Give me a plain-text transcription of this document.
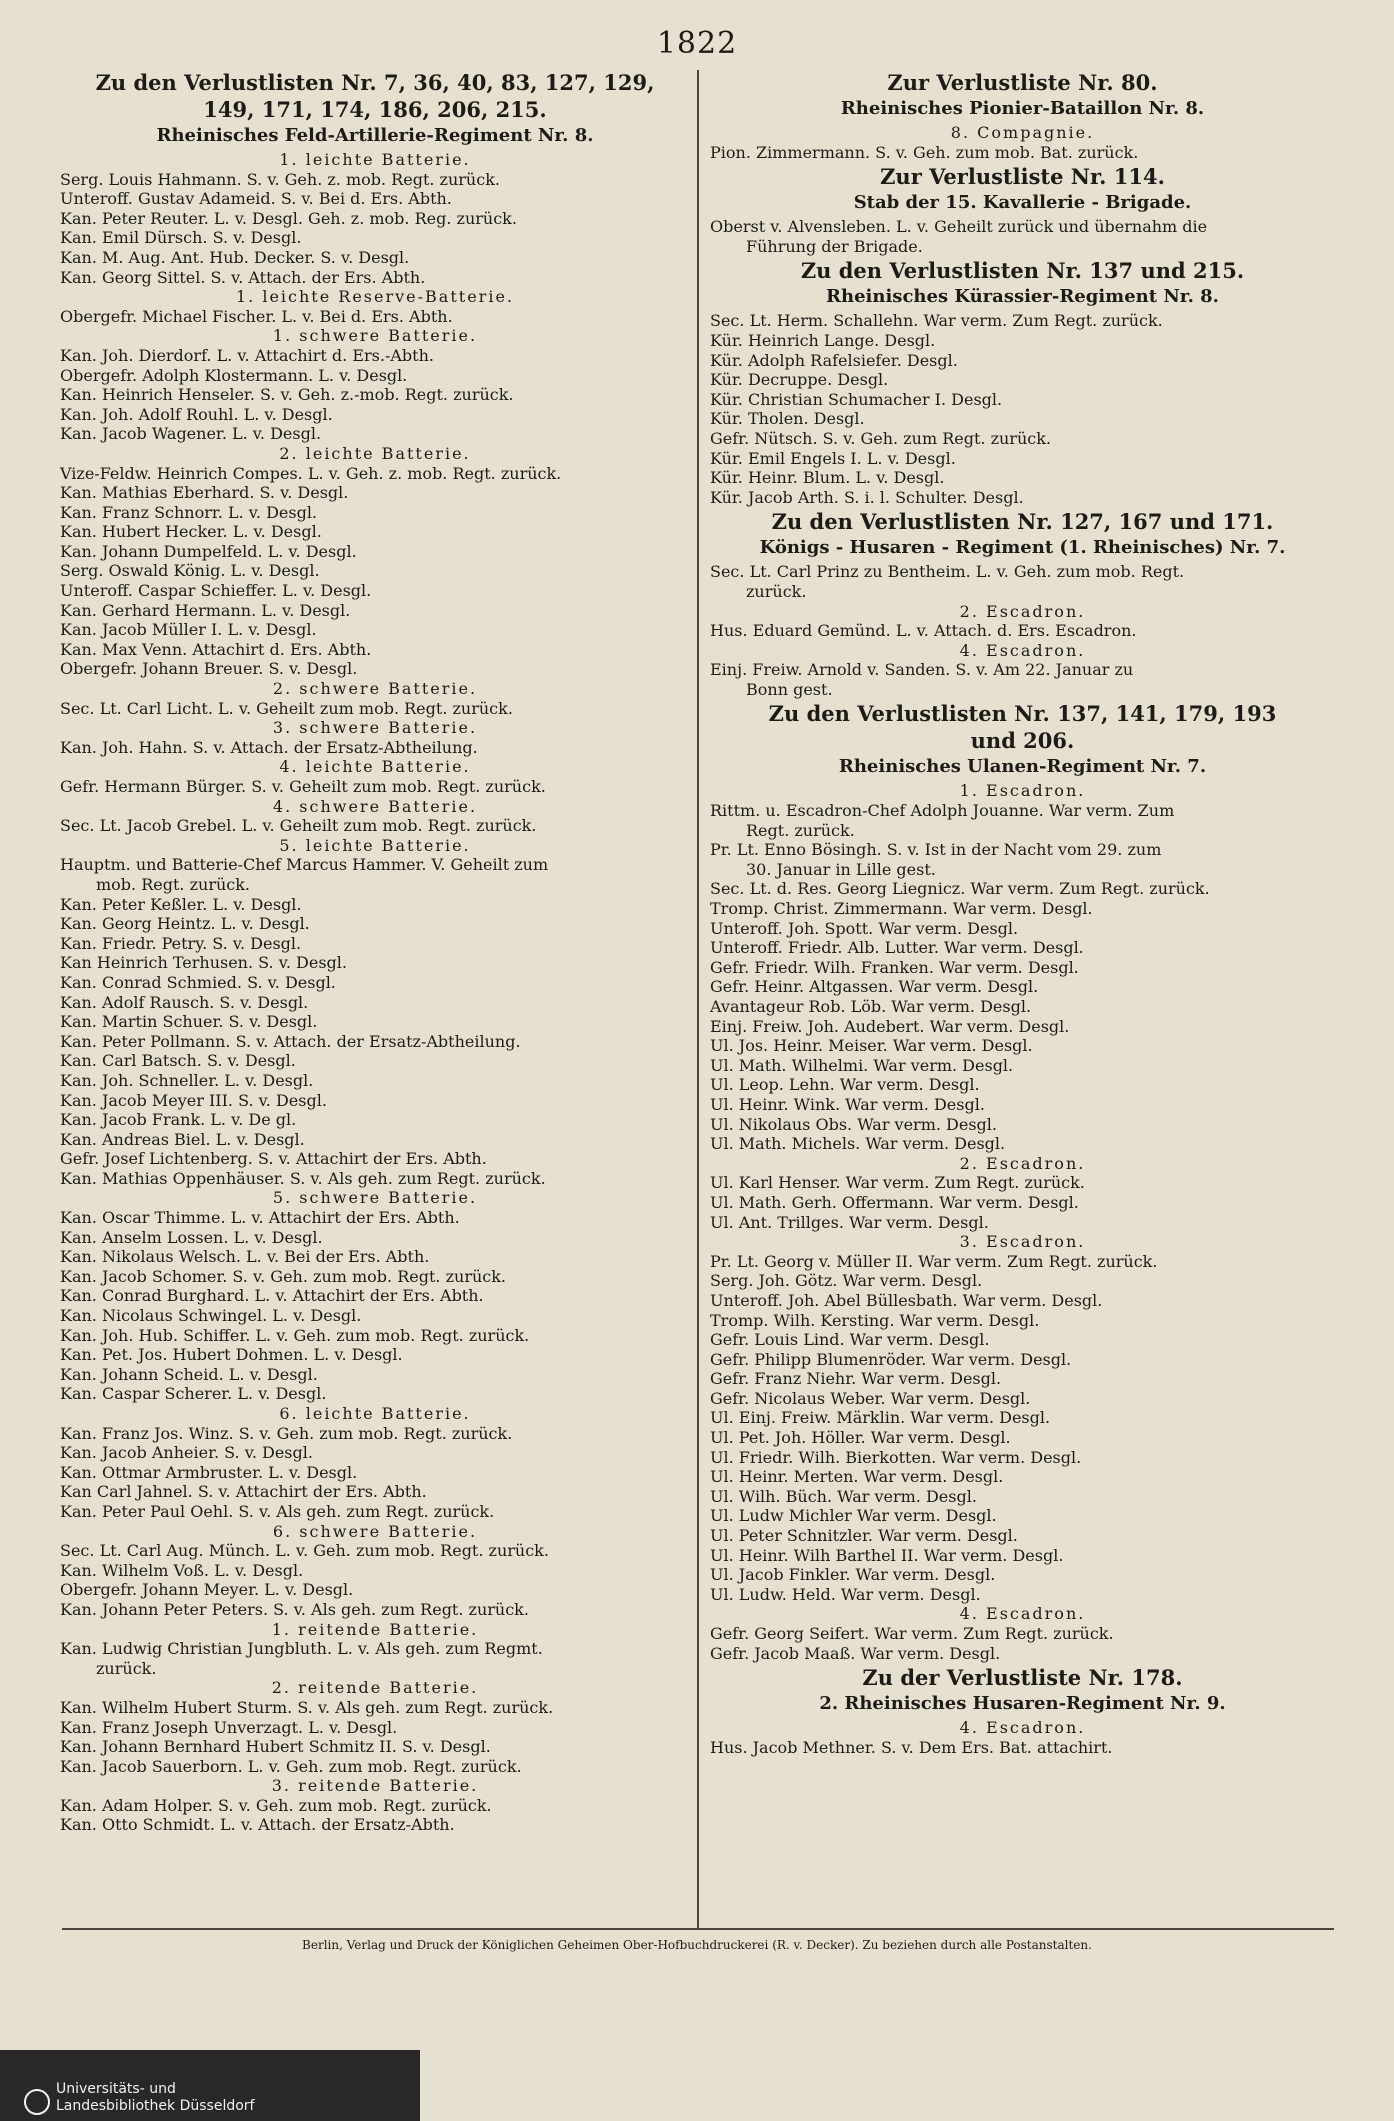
1822
Zu den Verlustlisten Nr. 7, 36, 40, 83, 127, 129,
149, 171, 174, 186, 206, 215.
Rheinisches Feld-Artillerie-Regiment Nr. 8.
1. leichte Batterie.
Serg. Louis Hahmann. S. v. Geh. z. mob. Regt. zurück.
Unteroff. Gustav Adameid. S. v. Bei d. Ers. Abth.
Kan. Peter Reuter. L. v. Desgl. Geh. z. mob. Reg. zurück.
Kan. Emil Dürsch. S. v. Desgl.
Kan. M. Aug. Ant. Hub. Decker. S. v. Desgl.
Kan. Georg Sittel. S. v. Attach. der Ers. Abth.
1. leichte Reserve-Batterie.
Obergefr. Michael Fischer. L. v. Bei d. Ers. Abth.
1. schwere Batterie.
Kan. Joh. Dierdorf. L. v. Attachirt d. Ers.-Abth.
Obergefr. Adolph Klostermann. L. v. Desgl.
Kan. Heinrich Henseler. S. v. Geh. z.-mob. Regt. zurück.
Kan. Joh. Adolf Rouhl. L. v. Desgl.
Kan. Jacob Wagener. L. v. Desgl.
2. leichte Batterie.
Vize-Feldw. Heinrich Compes. L. v. Geh. z. mob. Regt. zurück.
Kan. Mathias Eberhard. S. v. Desgl.
Kan. Franz Schnorr. L. v. Desgl.
Kan. Hubert Hecker. L. v. Desgl.
Kan. Johann Dumpelfeld. L. v. Desgl.
Serg. Oswald König. L. v. Desgl.
Unteroff. Caspar Schieffer. L. v. Desgl.
Kan. Gerhard Hermann. L. v. Desgl.
Kan. Jacob Müller I. L. v. Desgl.
Kan. Max Venn. Attachirt d. Ers. Abth.
Obergefr. Johann Breuer. S. v. Desgl.
2. schwere Batterie.
Sec. Lt. Carl Licht. L. v. Geheilt zum mob. Regt. zurück.
3. schwere Batterie.
Kan. Joh. Hahn. S. v. Attach. der Ersatz-Abtheilung.
4. leichte Batterie.
Gefr. Hermann Bürger. S. v. Geheilt zum mob. Regt. zurück.
4. schwere Batterie.
Sec. Lt. Jacob Grebel. L. v. Geheilt zum mob. Regt. zurück.
5. leichte Batterie.
Hauptm. und Batterie-Chef Marcus Hammer. V. Geheilt zum
mob. Regt. zurück.
Kan. Peter Keßler. L. v. Desgl.
Kan. Georg Heintz. L. v. Desgl.
Kan. Friedr. Petry. S. v. Desgl.
Kan Heinrich Terhusen. S. v. Desgl.
Kan. Conrad Schmied. S. v. Desgl.
Kan. Adolf Rausch. S. v. Desgl.
Kan. Martin Schuer. S. v. Desgl.
Kan. Peter Pollmann. S. v. Attach. der Ersatz-Abtheilung.
Kan. Carl Batsch. S. v. Desgl.
Kan. Joh. Schneller. L. v. Desgl.
Kan. Jacob Meyer III. S. v. Desgl.
Kan. Jacob Frank. L. v. De gl.
Kan. Andreas Biel. L. v. Desgl.
Gefr. Josef Lichtenberg. S. v. Attachirt der Ers. Abth.
Kan. Mathias Oppenhäuser. S. v. Als geh. zum Regt. zurück.
5. schwere Batterie.
Kan. Oscar Thimme. L. v. Attachirt der Ers. Abth.
Kan. Anselm Lossen. L. v. Desgl.
Kan. Nikolaus Welsch. L. v. Bei der Ers. Abth.
Kan. Jacob Schomer. S. v. Geh. zum mob. Regt. zurück.
Kan. Conrad Burghard. L. v. Attachirt der Ers. Abth.
Kan. Nicolaus Schwingel. L. v. Desgl.
Kan. Joh. Hub. Schiffer. L. v. Geh. zum mob. Regt. zurück.
Kan. Pet. Jos. Hubert Dohmen. L. v. Desgl.
Kan. Johann Scheid. L. v. Desgl.
Kan. Caspar Scherer. L. v. Desgl.
6. leichte Batterie.
Kan. Franz Jos. Winz. S. v. Geh. zum mob. Regt. zurück.
Kan. Jacob Anheier. S. v. Desgl.
Kan. Ottmar Armbruster. L. v. Desgl.
Kan Carl Jahnel. S. v. Attachirt der Ers. Abth.
Kan. Peter Paul Oehl. S. v. Als geh. zum Regt. zurück.
6. schwere Batterie.
Sec. Lt. Carl Aug. Münch. L. v. Geh. zum mob. Regt. zurück.
Kan. Wilhelm Voß. L. v. Desgl.
Obergefr. Johann Meyer. L. v. Desgl.
Kan. Johann Peter Peters. S. v. Als geh. zum Regt. zurück.
1. reitende Batterie.
Kan. Ludwig Christian Jungbluth. L. v. Als geh. zum Regmt.
zurück.
2. reitende Batterie.
Kan. Wilhelm Hubert Sturm. S. v. Als geh. zum Regt. zurück.
Kan. Franz Joseph Unverzagt. L. v. Desgl.
Kan. Johann Bernhard Hubert Schmitz II. S. v. Desgl.
Kan. Jacob Sauerborn. L. v. Geh. zum mob. Regt. zurück.
3. reitende Batterie.
Kan. Adam Holper. S. v. Geh. zum mob. Regt. zurück.
Kan. Otto Schmidt. L. v. Attach. der Ersatz-Abth.
Zur Verlustliste Nr. 80.
Rheinisches Pionier-Bataillon Nr. 8.
8. Compagnie.
Pion. Zimmermann. S. v. Geh. zum mob. Bat. zurück.
Zur Verlustliste Nr. 114.
Stab der 15. Kavallerie - Brigade.
Oberst v. Alvensleben. L. v. Geheilt zurück und übernahm die
Führung der Brigade.
Zu den Verlustlisten Nr. 137 und 215.
Rheinisches Kürassier-Regiment Nr. 8.
Sec. Lt. Herm. Schallehn. War verm. Zum Regt. zurück.
Kür. Heinrich Lange. Desgl.
Kür. Adolph Rafelsiefer. Desgl.
Kür. Decruppe. Desgl.
Kür. Christian Schumacher I. Desgl.
Kür. Tholen. Desgl.
Gefr. Nütsch. S. v. Geh. zum Regt. zurück.
Kür. Emil Engels I. L. v. Desgl.
Kür. Heinr. Blum. L. v. Desgl.
Kür. Jacob Arth. S. i. l. Schulter. Desgl.
Zu den Verlustlisten Nr. 127, 167 und 171.
Königs - Husaren - Regiment (1. Rheinisches) Nr. 7.
Sec. Lt. Carl Prinz zu Bentheim. L. v. Geh. zum mob. Regt.
zurück.
2. Escadron.
Hus. Eduard Gemünd. L. v. Attach. d. Ers. Escadron.
4. Escadron.
Einj. Freiw. Arnold v. Sanden. S. v. Am 22. Januar zu
Bonn gest.
Zu den Verlustlisten Nr. 137, 141, 179, 193
und 206.
Rheinisches Ulanen-Regiment Nr. 7.
1. Escadron.
Rittm. u. Escadron-Chef Adolph Jouanne. War verm. Zum
Regt. zurück.
Pr. Lt. Enno Bösingh. S. v. Ist in der Nacht vom 29. zum
30. Januar in Lille gest.
Sec. Lt. d. Res. Georg Liegnicz. War verm. Zum Regt. zurück.
Tromp. Christ. Zimmermann. War verm. Desgl.
Unteroff. Joh. Spott. War verm. Desgl.
Unteroff. Friedr. Alb. Lutter. War verm. Desgl.
Gefr. Friedr. Wilh. Franken. War verm. Desgl.
Gefr. Heinr. Altgassen. War verm. Desgl.
Avantageur Rob. Löb. War verm. Desgl.
Einj. Freiw. Joh. Audebert. War verm. Desgl.
Ul. Jos. Heinr. Meiser. War verm. Desgl.
Ul. Math. Wilhelmi. War verm. Desgl.
Ul. Leop. Lehn. War verm. Desgl.
Ul. Heinr. Wink. War verm. Desgl.
Ul. Nikolaus Obs. War verm. Desgl.
Ul. Math. Michels. War verm. Desgl.
2. Escadron.
Ul. Karl Henser. War verm. Zum Regt. zurück.
Ul. Math. Gerh. Offermann. War verm. Desgl.
Ul. Ant. Trillges. War verm. Desgl.
3. Escadron.
Pr. Lt. Georg v. Müller II. War verm. Zum Regt. zurück.
Serg. Joh. Götz. War verm. Desgl.
Unteroff. Joh. Abel Büllesbath. War verm. Desgl.
Tromp. Wilh. Kersting. War verm. Desgl.
Gefr. Louis Lind. War verm. Desgl.
Gefr. Philipp Blumenröder. War verm. Desgl.
Gefr. Franz Niehr. War verm. Desgl.
Gefr. Nicolaus Weber. War verm. Desgl.
Ul. Einj. Freiw. Märklin. War verm. Desgl.
Ul. Pet. Joh. Höller. War verm. Desgl.
Ul. Friedr. Wilh. Bierkotten. War verm. Desgl.
Ul. Heinr. Merten. War verm. Desgl.
Ul. Wilh. Büch. War verm. Desgl.
Ul. Ludw Michler War verm. Desgl.
Ul. Peter Schnitzler. War verm. Desgl.
Ul. Heinr. Wilh Barthel II. War verm. Desgl.
Ul. Jacob Finkler. War verm. Desgl.
Ul. Ludw. Held. War verm. Desgl.
4. Escadron.
Gefr. Georg Seifert. War verm. Zum Regt. zurück.
Gefr. Jacob Maaß. War verm. Desgl.
Zu der Verlustliste Nr. 178.
2. Rheinisches Husaren-Regiment Nr. 9.
4. Escadron.
Hus. Jacob Methner. S. v. Dem Ers. Bat. attachirt.
Berlin, Verlag und Druck der Königlichen Geheimen Ober-Hofbuchdruckerei (R. v. Decker). Zu beziehen durch alle Postanstalten.
Universitäts- und
Landesbibliothek Düsseldorf
